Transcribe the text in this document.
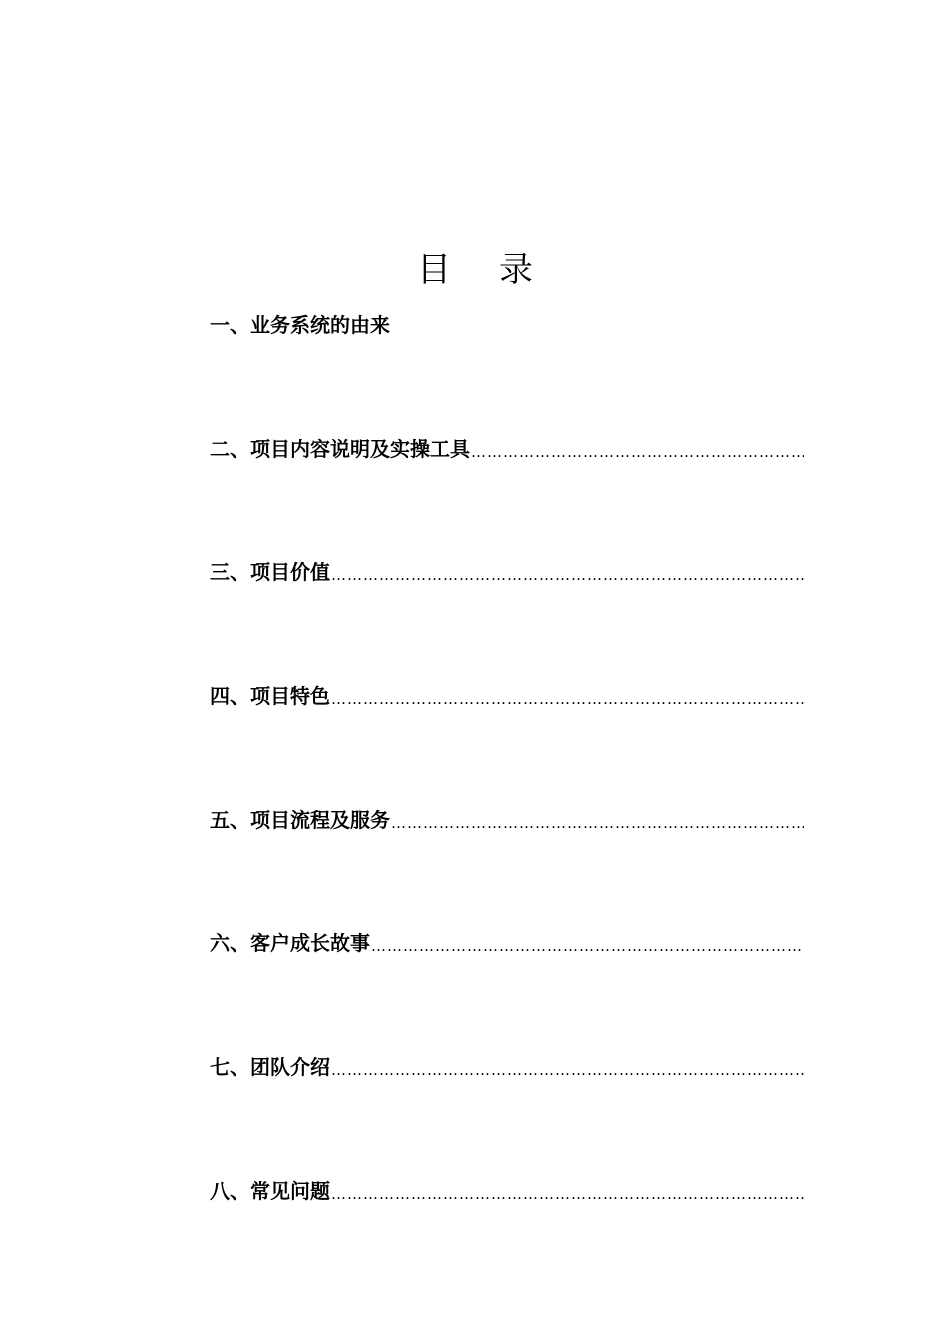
目录
一、业务系统的由来
二、项目内容说明及实操工具
……………………………………………………………………………………………………………………………………………………………………
三、项目价值
……………………………………………………………………………………………………………………………………………………………………
四、项目特色
……………………………………………………………………………………………………………………………………………………………………
五、项目流程及服务
……………………………………………………………………………………………………………………………………………………………………
六、客户成长故事
……………………………………………………………………………………………………………………………………………………………………
七、团队介绍
……………………………………………………………………………………………………………………………………………………………………
八、常见问题
……………………………………………………………………………………………………………………………………………………………………
